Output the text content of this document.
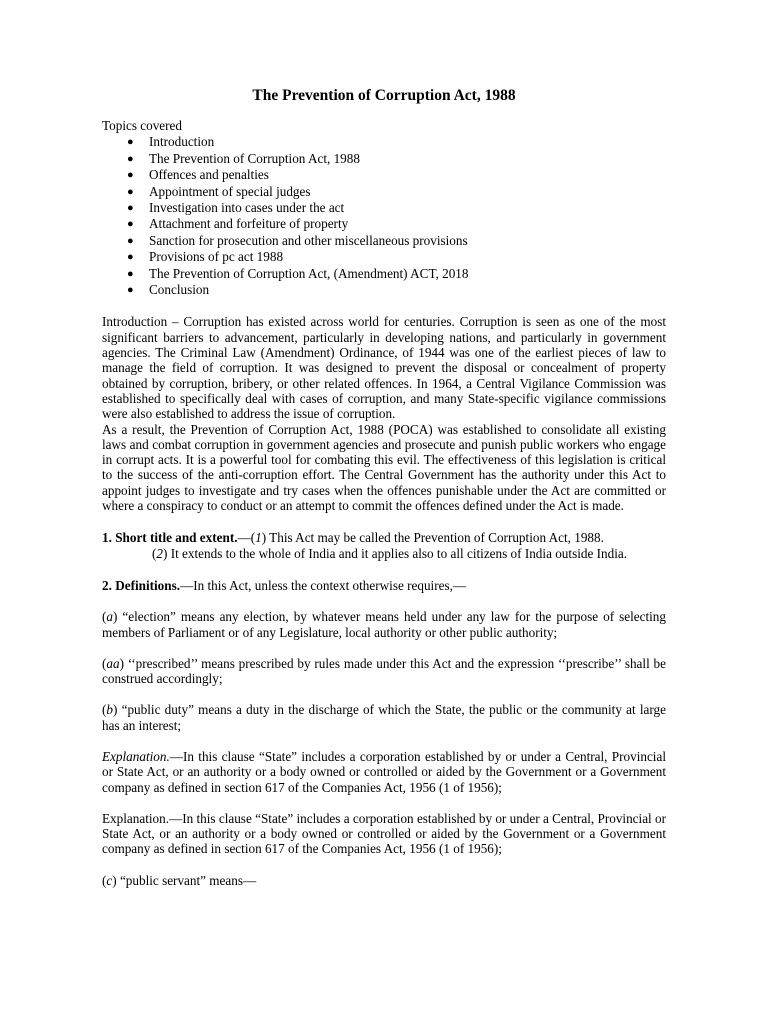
The Prevention of Corruption Act, 1988
Topics covered
● Introduction
● The Prevention of Corruption Act, 1988
● Offences and penalties
● Appointment of special judges
● Investigation into cases under the act
● Attachment and forfeiture of property
● Sanction for prosecution and other miscellaneous provisions
● Provisions of pc act 1988
● The Prevention of Corruption Act, (Amendment) ACT, 2018
● Conclusion

Introduction – Corruption has existed across world for centuries. Corruption is seen as one of the most significant barriers to advancement, particularly in developing nations, and particularly in government agencies. The Criminal Law (Amendment) Ordinance, of 1944 was one of the earliest pieces of law to manage the field of corruption. It was designed to prevent the disposal or concealment of property obtained by corruption, bribery, or other related offences. In 1964, a Central Vigilance Commission was established to specifically deal with cases of corruption, and many State-specific vigilance commissions were also established to address the issue of corruption.

As a result, the Prevention of Corruption Act, 1988 (POCA) was established to consolidate all existing laws and combat corruption in government agencies and prosecute and punish public workers who engage in corrupt acts. It is a powerful tool for combating this evil. The effectiveness of this legislation is critical to the success of the anti-corruption effort. The Central Government has the authority under this Act to appoint judges to investigate and try cases when the offences punishable under the Act are committed or where a conspiracy to conduct or an attempt to commit the offences defined under the Act is made.

1. Short title and extent.—(1) This Act may be called the Prevention of Corruption Act, 1988.

(2) It extends to the whole of India and it applies also to all citizens of India outside India.

2. Definitions.—In this Act, unless the context otherwise requires,—

(a) “election” means any election, by whatever means held under any law for the purpose of selecting members of Parliament or of any Legislature, local authority or other public authority;

(aa) ‘‘prescribed’’ means prescribed by rules made under this Act and the expression ‘‘prescribe’’ shall be construed accordingly;

(b) “public duty” means a duty in the discharge of which the State, the public or the community at large has an interest;

Explanation.—In this clause “State” includes a corporation established by or under a Central, Provincial or State Act, or an authority or a body owned or controlled or aided by the Government or a Government company as defined in section 617 of the Companies Act, 1956 (1 of 1956);

Explanation.—In this clause “State” includes a corporation established by or under a Central, Provincial or State Act, or an authority or a body owned or controlled or aided by the Government or a Government company as defined in section 617 of the Companies Act, 1956 (1 of 1956);

(c) “public servant” means—
